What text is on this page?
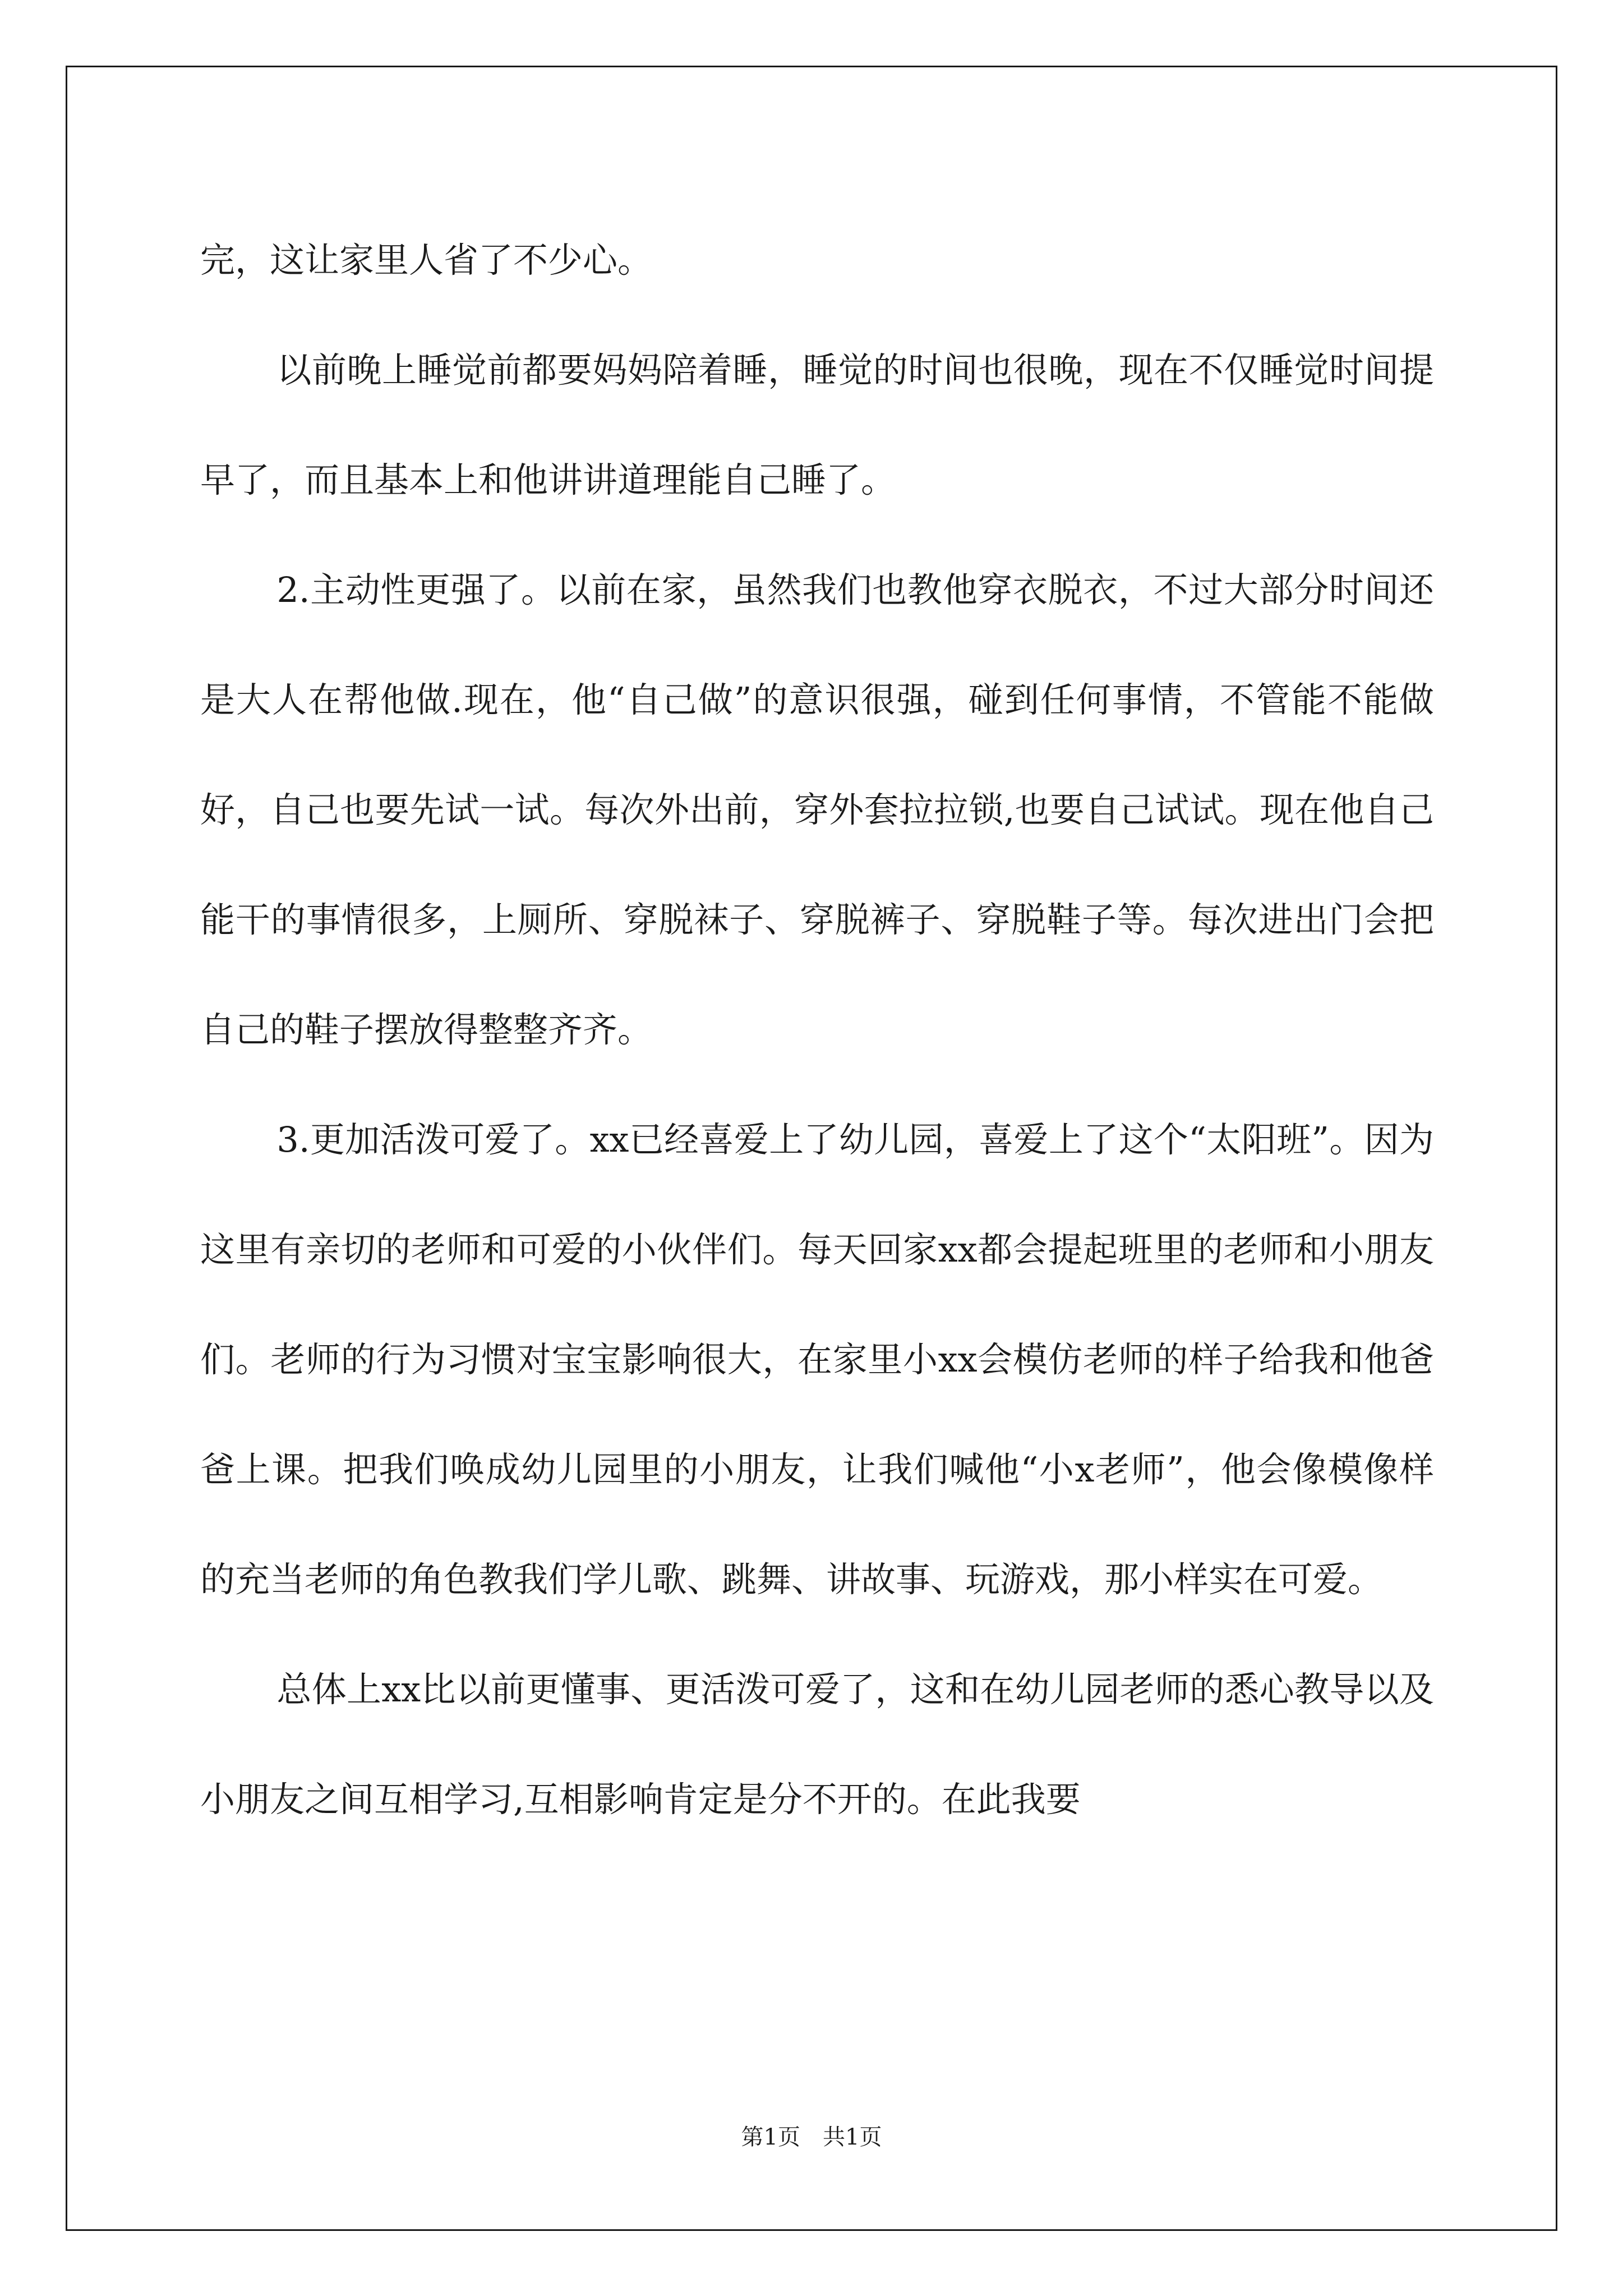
完，这让家里人省了不少心。

以前晚上睡觉前都要妈妈陪着睡，睡觉的时间也很晚，现在不仅睡觉时间提早了，而且基本上和他讲讲道理能自己睡了。

2.主动性更强了。以前在家，虽然我们也教他穿衣脱衣，不过大部分时间还是大人在帮他做.现在，他“自己做”的意识很强，碰到任何事情，不管能不能做好，自己也要先试一试。每次外出前，穿外套拉拉锁,也要自己试试。现在他自己能干的事情很多，上厕所、穿脱袜子、穿脱裤子、穿脱鞋子等。每次进出门会把自己的鞋子摆放得整整齐齐。

3.更加活泼可爱了。xx已经喜爱上了幼儿园，喜爱上了这个“太阳班”。因为这里有亲切的老师和可爱的小伙伴们。每天回家xx都会提起班里的老师和小朋友们。老师的行为习惯对宝宝影响很大，在家里小xx会模仿老师的样子给我和他爸爸上课。把我们唤成幼儿园里的小朋友，让我们喊他“小x老师”，他会像模像样的充当老师的角色教我们学儿歌、跳舞、讲故事、玩游戏，那小样实在可爱。

总体上xx比以前更懂事、更活泼可爱了，这和在幼儿园老师的悉心教导以及小朋友之间互相学习,互相影响肯定是分不开的。在此我要

第1页　共1页
